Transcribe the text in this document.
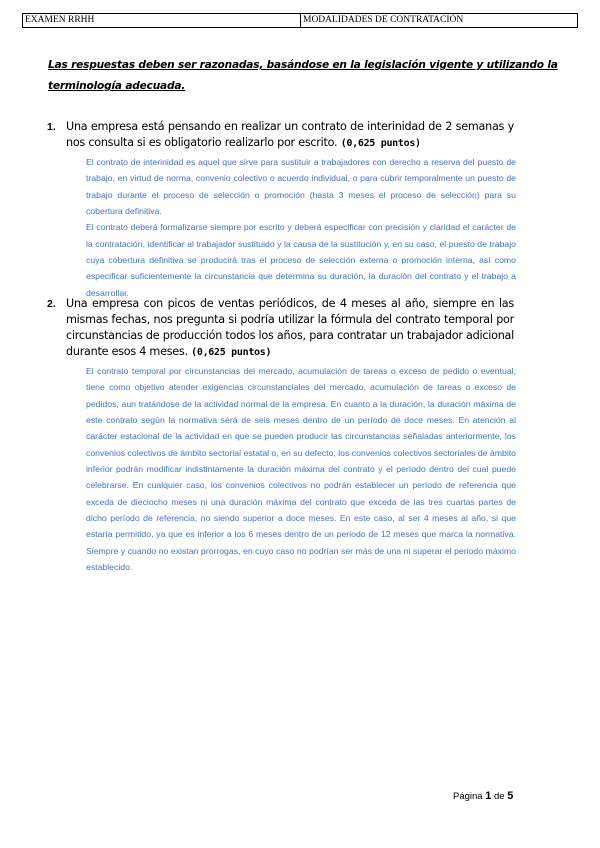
EXAMEN RRHH	MODALIDADES DE CONTRATACIÓN
Las respuestas deben ser razonadas, basándose en la legislación vigente y utilizando la terminología adecuada.
1. Una empresa está pensando en realizar un contrato de interinidad de 2 semanas y nos consulta si es obligatorio realizarlo por escrito. (0,625 puntos)

El contrato de interinidad es aquel que sirve para sustituir a trabajadores con derecho a reserva del puesto de trabajo, en virtud de norma, convenio colectivo o acuerdo individual, o para cubrir temporalmente un puesto de trabajo durante el proceso de selección o promoción (hasta 3 meses el proceso de selección) para su cobertura definitiva.

El contrato deberá formalizarse siempre por escrito y deberá especificar con precisión y claridad el carácter de la contratación, identificar al trabajador sustituido y la causa de la sustitución y, en su caso, el puesto de trabajo cuya cobertura definitiva se producirá tras el proceso de selección externa o promoción interna, así como especificar suficientemente la circunstancia que determina su duración, la duración del contrato y el trabajo a desarrollar.

2. Una empresa con picos de ventas periódicos, de 4 meses al año, siempre en las mismas fechas, nos pregunta si podría utilizar la fórmula del contrato temporal por circunstancias de producción todos los años, para contratar un trabajador adicional durante esos 4 meses. (0,625 puntos)

El contrato temporal por circunstancias del mercado, acumulación de tareas o exceso de pedido o eventual, tiene como objetivo atender exigencias circunstanciales del mercado, acumulación de tareas o exceso de pedidos, aun tratándose de la actividad normal de la empresa. En cuanto a la duración, la duración máxima de este contrato según la normativa será de seis meses dentro de un período de doce meses. En atención al carácter estacional de la actividad en que se pueden producir las circunstancias señaladas anteriormente, los convenios colectivos de ámbito sectorial estatal o, en su defecto, los convenios colectivos sectoriales de ámbito inferior podrán modificar indistintamente la duración máxima del contrato y el período dentro del cual puede celebrarse. En cualquier caso, los convenios colectivos no podrán establecer un período de referencia que exceda de dieciocho meses ni una duración máxima del contrato que exceda de las tres cuartas partes de dicho período de referencia, no siendo superior a doce meses. En este caso, al ser 4 meses al año, si que estaría permitido, ya que es inferior a los 6 meses dentro de un periodo de 12 meses que marca la normativa. Siempre y cuando no existan prorrogas, en cuyo caso no podrían ser más de una ni superar el periodo máximo establecido.

Página 1 de 5
